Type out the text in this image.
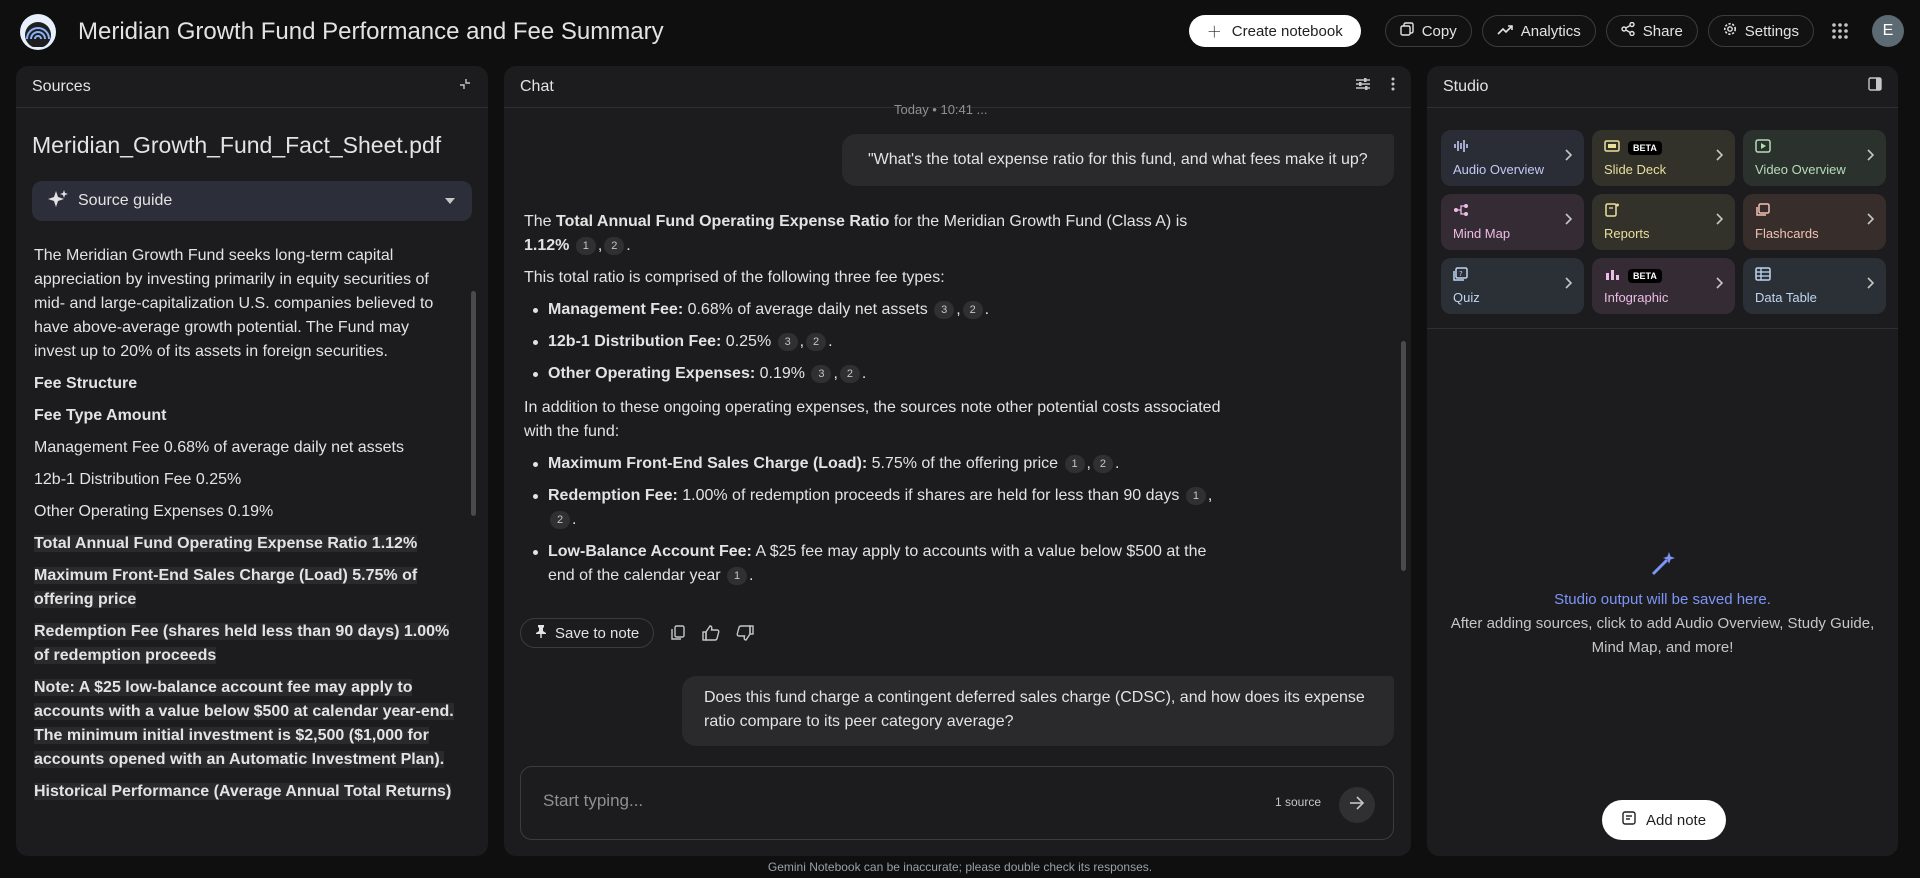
Meridian Growth Fund Performance and Fee Summary	＋ Create notebook	Copy	Analytics	Share	Settings	E
Sources
Meridian_Growth_Fund_Fact_Sheet.pdf
Source guide

The Meridian Growth Fund seeks long-term capital appreciation by investing primarily in equity securities of mid- and large-capitalization U.S. companies believed to have above-average growth potential. The Fund may invest up to 20% of its assets in foreign securities.

Fee Structure

Fee Type Amount

Management Fee 0.68% of average daily net assets

12b-1 Distribution Fee 0.25%

Other Operating Expenses 0.19%

Total Annual Fund Operating Expense Ratio 1.12%

Maximum Front-End Sales Charge (Load) 5.75% of offering price

Redemption Fee (shares held less than 90 days) 1.00% of redemption proceeds

Note: A $25 low-balance account fee may apply to accounts with a value below $500 at calendar year-end. The minimum initial investment is $2,500 ($1,000 for accounts opened with an Automatic Investment Plan).

Historical Performance (Average Annual Total Returns)

Chat
Today • 10:41 ...
"What's the total expense ratio for this fund, and what fees make it up?

The Total Annual Fund Operating Expense Ratio for the Meridian Growth Fund (Class A) is
1.12% 1 , 2 .

This total ratio is comprised of the following three fee types:

Management Fee: 0.68% of average daily net assets 3 , 2 .
12b-1 Distribution Fee: 0.25% 3 , 2 .
Other Operating Expenses: 0.19% 3 , 2 .

In addition to these ongoing operating expenses, the sources note other potential costs associated with the fund:

Maximum Front-End Sales Charge (Load): 5.75% of the offering price 1 , 2 .
Redemption Fee: 1.00% of redemption proceeds if shares are held for less than 90 days 1 ,2 .
Low-Balance Account Fee: A $25 fee may apply to accounts with a value below $500 at the end of the calendar year 1 .
Save to note
Does this fund charge a contingent deferred sales charge (CDSC), and how does its expense ratio compare to its peer category average?
Start typing...
1 source
Studio
Audio Overview
BETA
Slide Deck	Video Overview
Mind Map	Reports	Flashcards
?
Quiz
BETA
Infographic	Data Table
Studio output will be saved here.
After adding sources, click to add Audio Overview, Study Guide, Mind Map, and more!
Add note
Gemini Notebook can be inaccurate; please double check its responses.
